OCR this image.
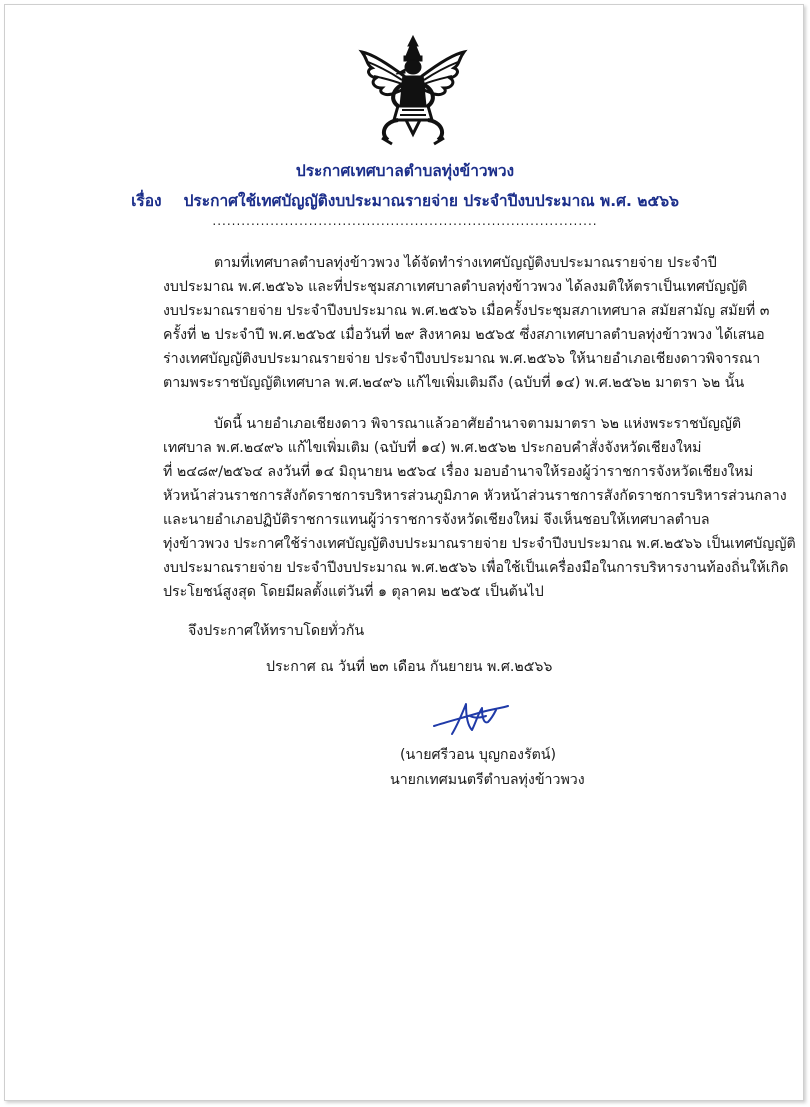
ประกาศเทศบาลตำบลทุ่งข้าวพวง
เรื่อง ประกาศใช้เทศบัญญัติงบประมาณรายจ่าย ประจำปีงบประมาณ พ.ศ. ๒๕๖๖
................................................................................
ตามที่เทศบาลตำบลทุ่งข้าวพวง ได้จัดทำร่างเทศบัญญัติงบประมาณรายจ่าย ประจำปี
งบประมาณ พ.ศ.๒๕๖๖ และที่ประชุมสภาเทศบาลตำบลทุ่งข้าวพวง ได้ลงมติให้ตราเป็นเทศบัญญัติ
งบประมาณรายจ่าย ประจำปีงบประมาณ พ.ศ.๒๕๖๖ เมื่อครั้งประชุมสภาเทศบาล สมัยสามัญ สมัยที่ ๓
ครั้งที่ ๒ ประจำปี พ.ศ.๒๕๖๕ เมื่อวันที่ ๒๙ สิงหาคม ๒๕๖๕ ซึ่งสภาเทศบาลตำบลทุ่งข้าวพวง ได้เสนอ
ร่างเทศบัญญัติงบประมาณรายจ่าย ประจำปีงบประมาณ พ.ศ.๒๕๖๖ ให้นายอำเภอเชียงดาวพิจารณา
ตามพระราชบัญญัติเทศบาล พ.ศ.๒๔๙๖ แก้ไขเพิ่มเติมถึง (ฉบับที่ ๑๔) พ.ศ.๒๕๖๒ มาตรา ๖๒ นั้น
บัดนี้ นายอำเภอเชียงดาว พิจารณาแล้วอาศัยอำนาจตามมาตรา ๖๒ แห่งพระราชบัญญัติ
เทศบาล พ.ศ.๒๔๙๖ แก้ไขเพิ่มเติม (ฉบับที่ ๑๔) พ.ศ.๒๕๖๒ ประกอบคำสั่งจังหวัดเชียงใหม่
ที่ ๒๔๘๙/๒๕๖๔ ลงวันที่ ๑๔ มิถุนายน ๒๕๖๔ เรื่อง มอบอำนาจให้รองผู้ว่าราชการจังหวัดเชียงใหม่
หัวหน้าส่วนราชการสังกัดราชการบริหารส่วนภูมิภาค หัวหน้าส่วนราชการสังกัดราชการบริหารส่วนกลาง
และนายอำเภอปฏิบัติราชการแทนผู้ว่าราชการจังหวัดเชียงใหม่ จึงเห็นชอบให้เทศบาลตำบล
ทุ่งข้าวพวง ประกาศใช้ร่างเทศบัญญัติงบประมาณรายจ่าย ประจำปีงบประมาณ พ.ศ.๒๕๖๖ เป็นเทศบัญญัติ
งบประมาณรายจ่าย ประจำปีงบประมาณ พ.ศ.๒๕๖๖ เพื่อใช้เป็นเครื่องมือในการบริหารงานท้องถิ่นให้เกิด
ประโยชน์สูงสุด โดยมีผลตั้งแต่วันที่ ๑ ตุลาคม ๒๕๖๕ เป็นต้นไป
จึงประกาศให้ทราบโดยทั่วกัน
ประกาศ ณ วันที่ ๒๓ เดือน กันยายน พ.ศ.๒๕๖๖
(นายศรีวอน บุญกองรัตน์)
นายกเทศมนตรีตำบลทุ่งข้าวพวง
